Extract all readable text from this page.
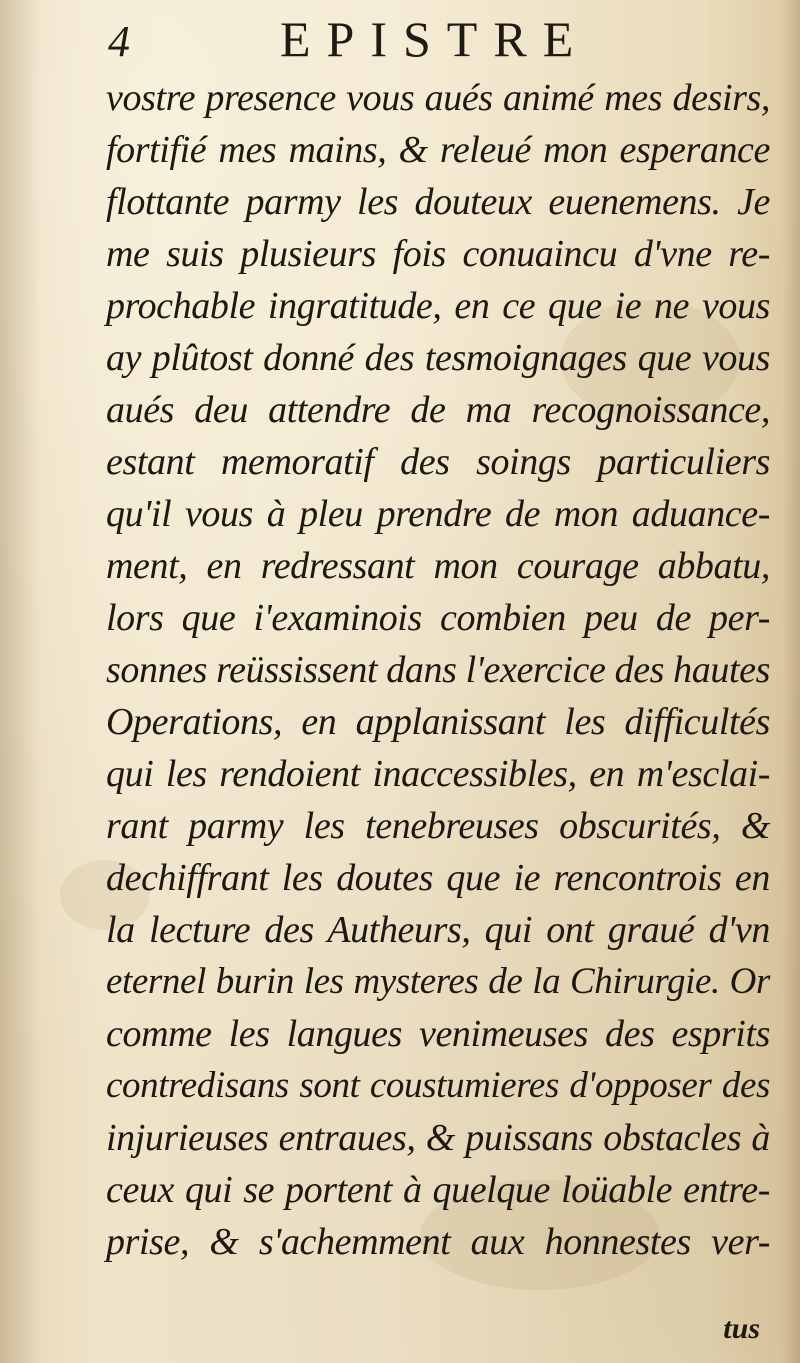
4	EPISTRE
vostre presence vous aués animé mes desirs,
fortifié mes mains, & releué mon esperance
flottante parmy les douteux euenemens. Je
me suis plusieurs fois conuaincu d'vne re-
prochable ingratitude, en ce que ie ne vous
ay plûtost donné des tesmoignages que vous
aués deu attendre de ma recognoissance,
estant memoratif des soings particuliers
qu'il vous à pleu prendre de mon aduance-
ment, en redressant mon courage abbatu,
lors que i'examinois combien peu de per-
sonnes reüssissent dans l'exercice des hautes
Operations, en applanissant les difficultés
qui les rendoient inaccessibles, en m'esclai-
rant parmy les tenebreuses obscurités, &
dechiffrant les doutes que ie rencontrois en
la lecture des Autheurs, qui ont graué d'vn
eternel burin les mysteres de la Chirurgie. Or
comme les langues venimeuses des esprits
contredisans sont coustumieres d'opposer des
injurieuses entraues, & puissans obstacles à
ceux qui se portent à quelque loüable entre-
prise, & s'achemment aux honnestes ver-
tus
